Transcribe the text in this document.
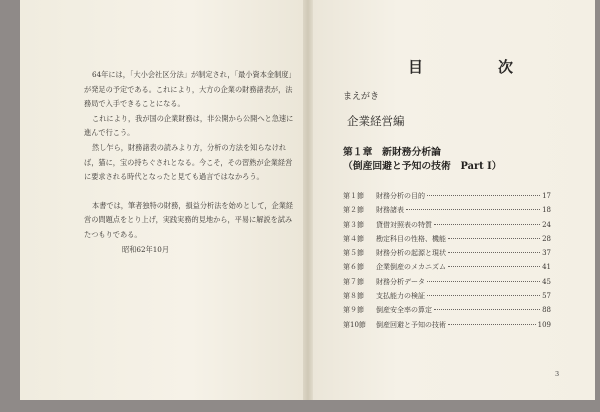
64年には，「大小会社区分法」が制定され，「最小資本金制度」が発足の予定である。これにより，大方の企業の財務諸表が，法務局で入手できることになる。

これにより，我が国の企業財務は，非公開から公開へと急速に進んで行こう。

然し乍ら，財務諸表の読みより方，分析の方法を知らなければ，猫に，宝の持ちぐされとなる。今こそ，その習熟が企業経営に要求される時代となったと見ても過言ではなかろう。

本書では，筆者独特の財務，損益分析法を始めとして，企業経営の問題点をとり上げ，実践実務的見地から，平易に解説を試みたつもりである。

昭和62年10月

目　次
まえがき
企業経営編
第１章　新財務分析論
（倒産回避と予知の技術　Part Ⅰ）
第１節	財務分析の目的	17
第２節	財務諸表	18
第３節	貸借対照表の特質	24
第４節	勘定科目の性格、機能	28
第５節	財務分析の起源と現状	37
第６節	企業倒産のメカニズム	41
第７節	財務分析データ	45
第８節	支払能力の検証	57
第９節	倒産安全率の算定	88
第10節	倒産回避と予知の技術	109
3
